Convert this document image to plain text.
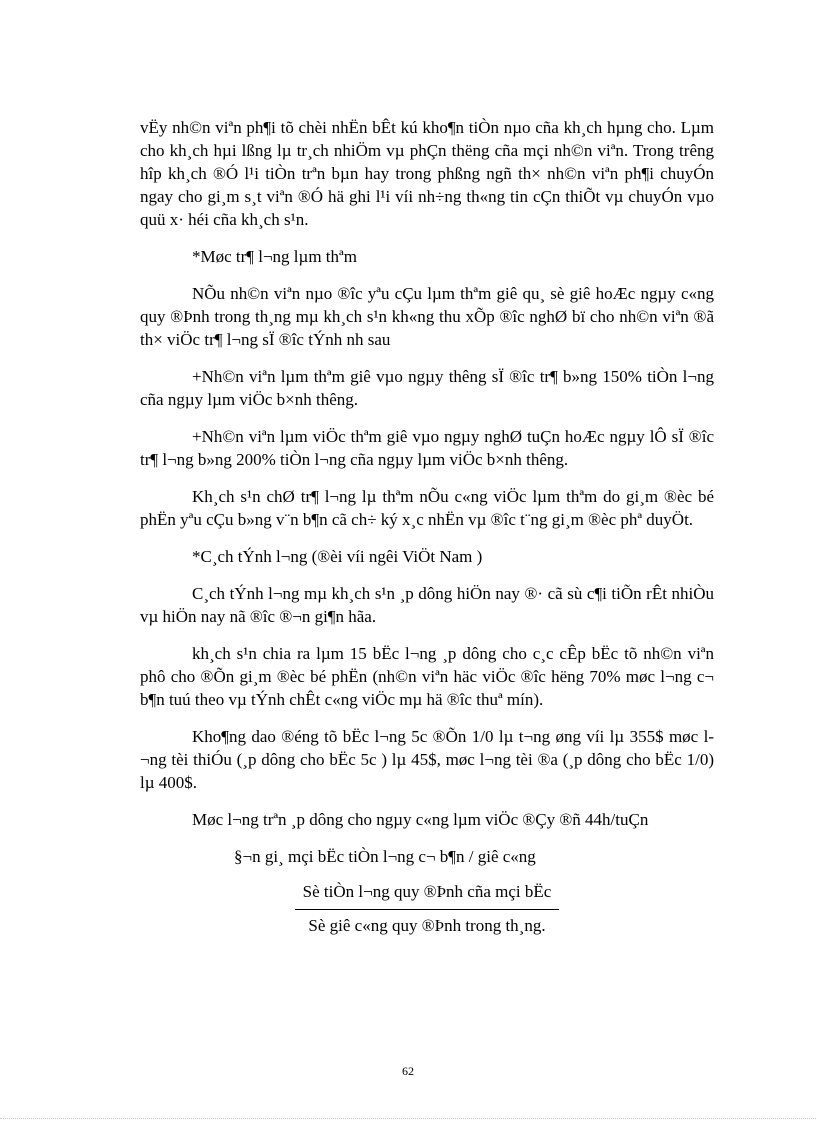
vËy nh©n viªn ph¶i tõ chèi nhËn bÊt kú kho¶n tiÒn nµo cña kh¸ch hµng cho. Lµm cho kh¸ch hµi lßng lµ tr¸ch nhiÖm vµ phÇn thëng cña mçi nh©n viªn. Trong trêng hîp kh¸ch ®Ó l¹i tiÒn trªn bµn hay trong phßng ngñ th× nh©n viªn ph¶i chuyÓn ngay cho gi¸m s¸t viªn ®Ó hä ghi l¹i víi nh÷ng th«ng tin cÇn thiÕt vµ chuyÓn vµo quü x· héi cña kh¸ch s¹n.

*Møc tr¶ l¬ng lµm thªm

NÕu nh©n viªn nµo ®îc yªu cÇu lµm thªm giê qu¸ sè giê hoÆc ngµy c«ng quy ®Þnh trong th¸ng mµ kh¸ch s¹n kh«ng thu xÕp ®îc nghØ bï cho nh©n viªn ®ã th× viÖc tr¶ l¬ng sÏ ®îc tÝnh nh sau

+Nh©n viªn lµm thªm giê vµo ngµy thêng sÏ ®îc tr¶ b»ng 150% tiÒn l¬ng cña ngµy lµm viÖc b×nh thêng.

+Nh©n viªn lµm viÖc thªm giê vµo ngµy nghØ tuÇn hoÆc ngµy lÔ sÏ ®îc tr¶ l¬ng b»ng 200% tiÒn l¬ng cña ngµy lµm viÖc b×nh thêng.

Kh¸ch s¹n chØ tr¶ l¬ng lµ thªm nÕu c«ng viÖc lµm thªm do gi¸m ®èc bé phËn yªu cÇu b»ng v¨n b¶n cã ch÷ ký x¸c nhËn vµ ®îc t¨ng gi¸m ®èc phª duyÖt.

*C¸ch tÝnh l¬ng (®èi víi ngêi ViÖt Nam )

C¸ch tÝnh l¬ng mµ kh¸ch s¹n ¸p dông hiÖn nay ®· cã sù c¶i tiÕn rÊt nhiÒu vµ hiÖn nay nã ®îc ®¬n gi¶n hãa.

kh¸ch s¹n chia ra lµm 15 bËc l¬ng ¸p dông cho c¸c cÊp bËc tõ nh©n viªn phô cho ®Õn gi¸m ®èc bé phËn (nh©n viªn häc viÖc ®îc hëng 70% møc l¬ng c¬ b¶n tuú theo vµ tÝnh chÊt c«ng viÖc mµ hä ®îc thuª mín).

Kho¶ng dao ®éng tõ bËc l¬ng 5c ®Õn 1/0 lµ t¬ng øng víi lµ 355$ møc l¬ng tèi thiÓu (¸p dông cho bËc 5c ) lµ 45$, møc l¬ng tèi ®a (¸p dông cho bËc 1/0) lµ 400$.

Møc l¬ng trªn ¸p dông cho ngµy c«ng lµm viÖc ®Çy ®ñ 44h/tuÇn

§¬n gi¸ mçi bËc tiÒn l¬ng c¬ b¶n / giê c«ng

Sè tiÒn l¬ng quy ®Þnh cña mçi bËc
Sè giê c«ng quy ®Þnh trong th¸ng.
62
